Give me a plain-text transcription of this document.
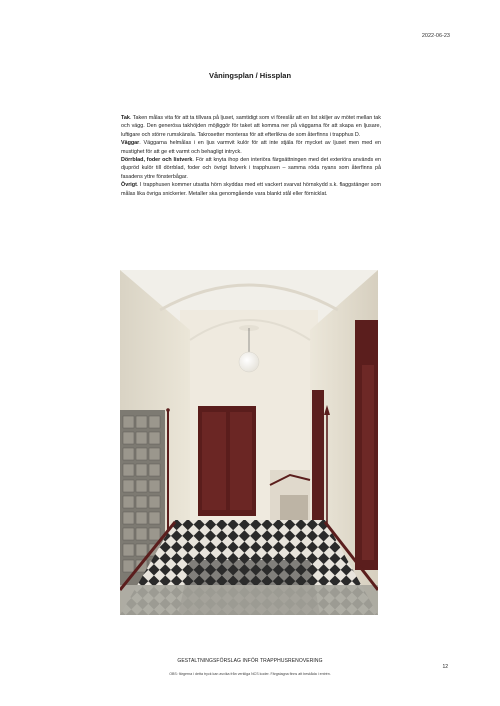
2022-06-23
Våningsplan / Hissplan

Tak. Taken målas vita för att ta tillvara på ljuset, samtidigt som vi föreslår att en list skiljer av mötet mellan tak och vägg. Den generösa takhöjden möjliggör för taket att komma ner på väggarna för att skapa en ljusare, luftigare och större rumskänsla. Takrosetter monteras för att efterlikna de som återfinns i trapphus D.

Väggar. Väggarna helmålas i en ljus varmvit kulör för att inte stjäla för mycket av ljuset men med en mustighet för att ge ett varmt och behagligt intryck.

Dörrblad, foder och listverk. För att knyta ihop den interiöra färgsättningen med det exteriöra används en djupröd kulör till dörrblad, foder och övrigt listverk i trapphusen – samma röda nyans som återfinns på fasadens yttre fönsterbågar.

Övrigt. I trapphusen kommer utsatta hörn skyddas med ett vackert svarvat hörnskydd s.k. flaggstänger som målas lika övriga snickerier. Metaller ska genomgående vara blankt stål eller förnicklat.

GESTALTNINGSFÖRSLAG INFÖR TRAPPHUSRENOVERING
12
OBS: färgerna i detta tryck kan avvika från verkliga NCS koder. Färgstagna finns att beskåda i entrén.
